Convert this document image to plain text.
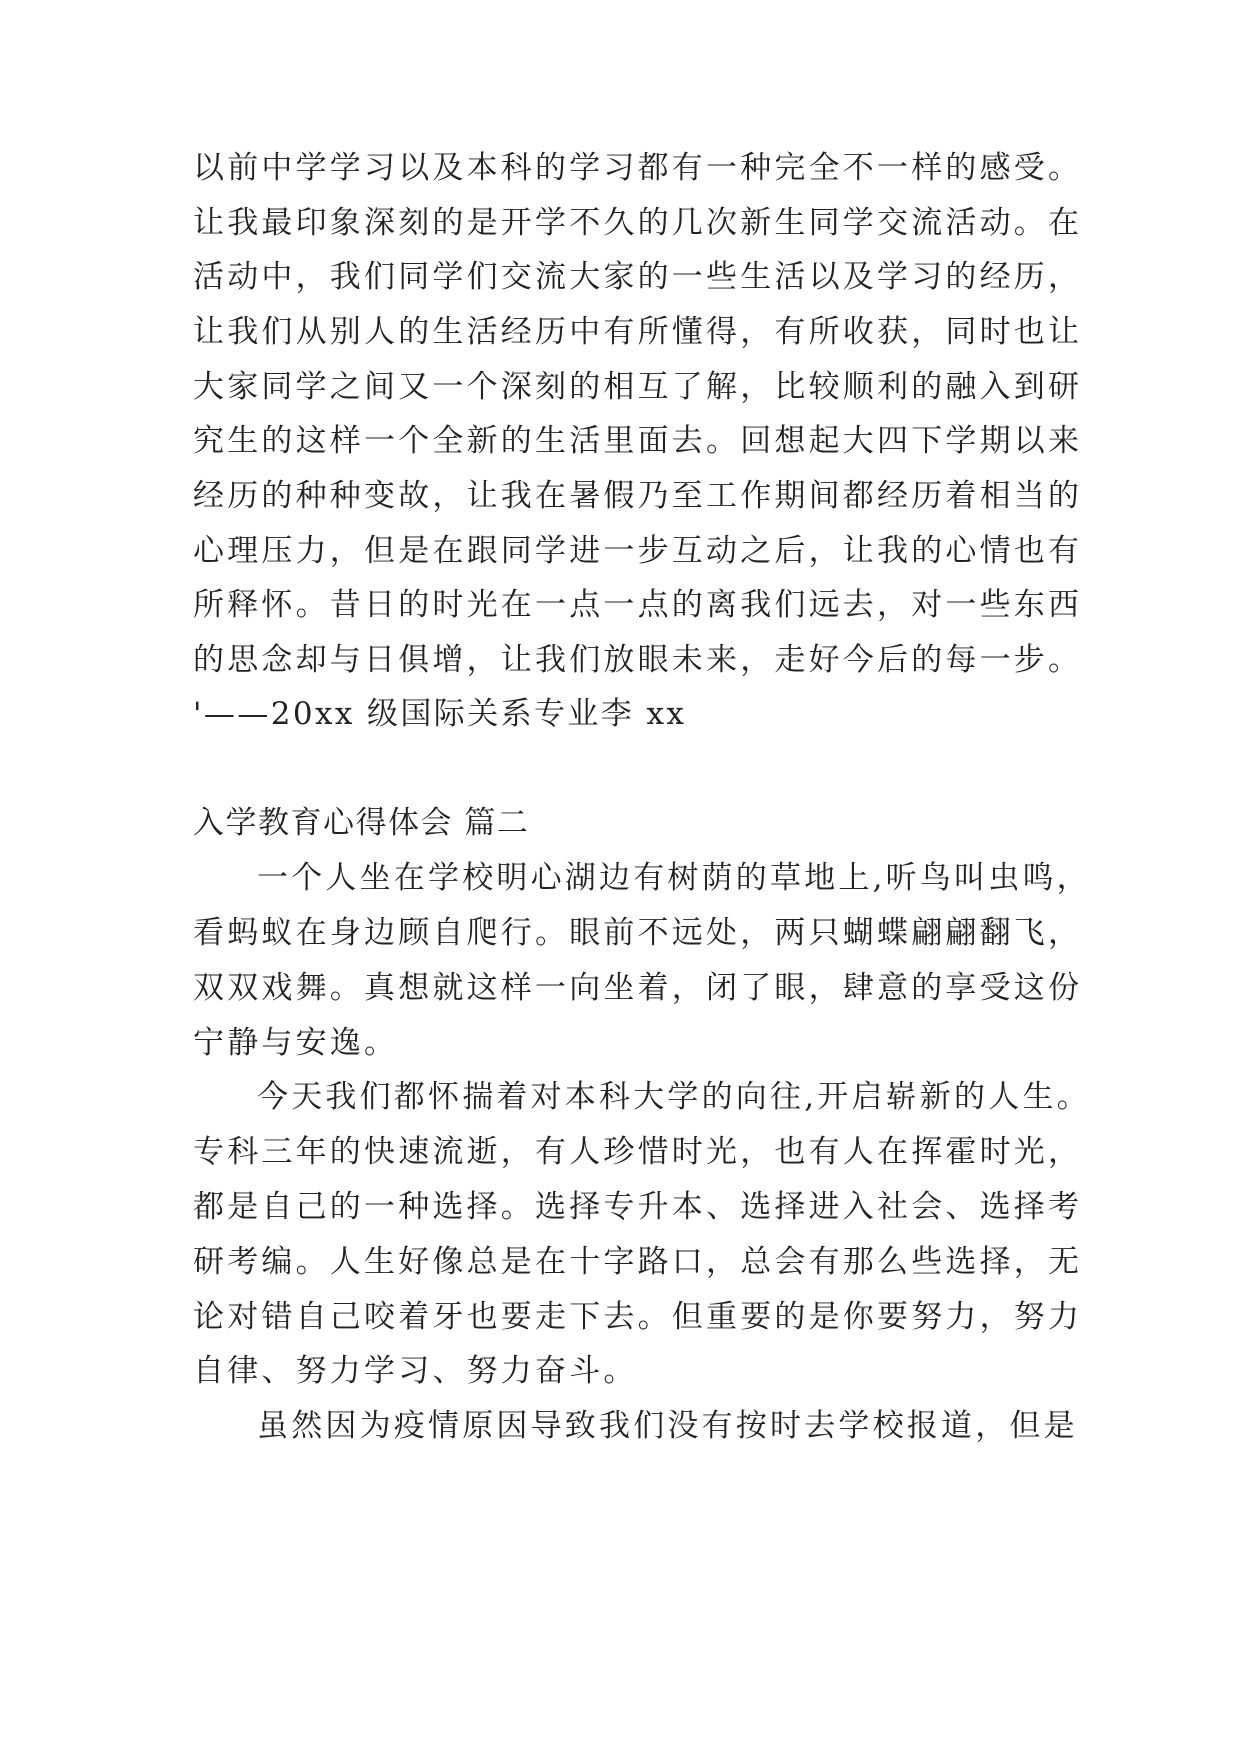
以前中学学习以及本科的学习都有一种完全不一样的感受。

让我最印象深刻的是开学不久的几次新生同学交流活动。在

活动中，我们同学们交流大家的一些生活以及学习的经历，

让我们从别人的生活经历中有所懂得，有所收获，同时也让

大家同学之间又一个深刻的相互了解，比较顺利的融入到研

究生的这样一个全新的生活里面去。回想起大四下学期以来

经历的种种变故，让我在暑假乃至工作期间都经历着相当的

心理压力，但是在跟同学进一步互动之后，让我的心情也有

所释怀。昔日的时光在一点一点的离我们远去，对一些东西

的思念却与日俱增，让我们放眼未来，走好今后的每一步。

'——20xx 级国际关系专业李 xx

入学教育心得体会 篇二

一个人坐在学校明心湖边有树荫的草地上,听鸟叫虫鸣，

看蚂蚁在身边顾自爬行。眼前不远处，两只蝴蝶翩翩翻飞，

双双戏舞。真想就这样一向坐着，闭了眼，肆意的享受这份

宁静与安逸。

今天我们都怀揣着对本科大学的向往,开启崭新的人生。

专科三年的快速流逝，有人珍惜时光，也有人在挥霍时光，

都是自己的一种选择。选择专升本、选择进入社会、选择考

研考编。人生好像总是在十字路口，总会有那么些选择，无

论对错自己咬着牙也要走下去。但重要的是你要努力，努力

自律、努力学习、努力奋斗。

虽然因为疫情原因导致我们没有按时去学校报道，但是
